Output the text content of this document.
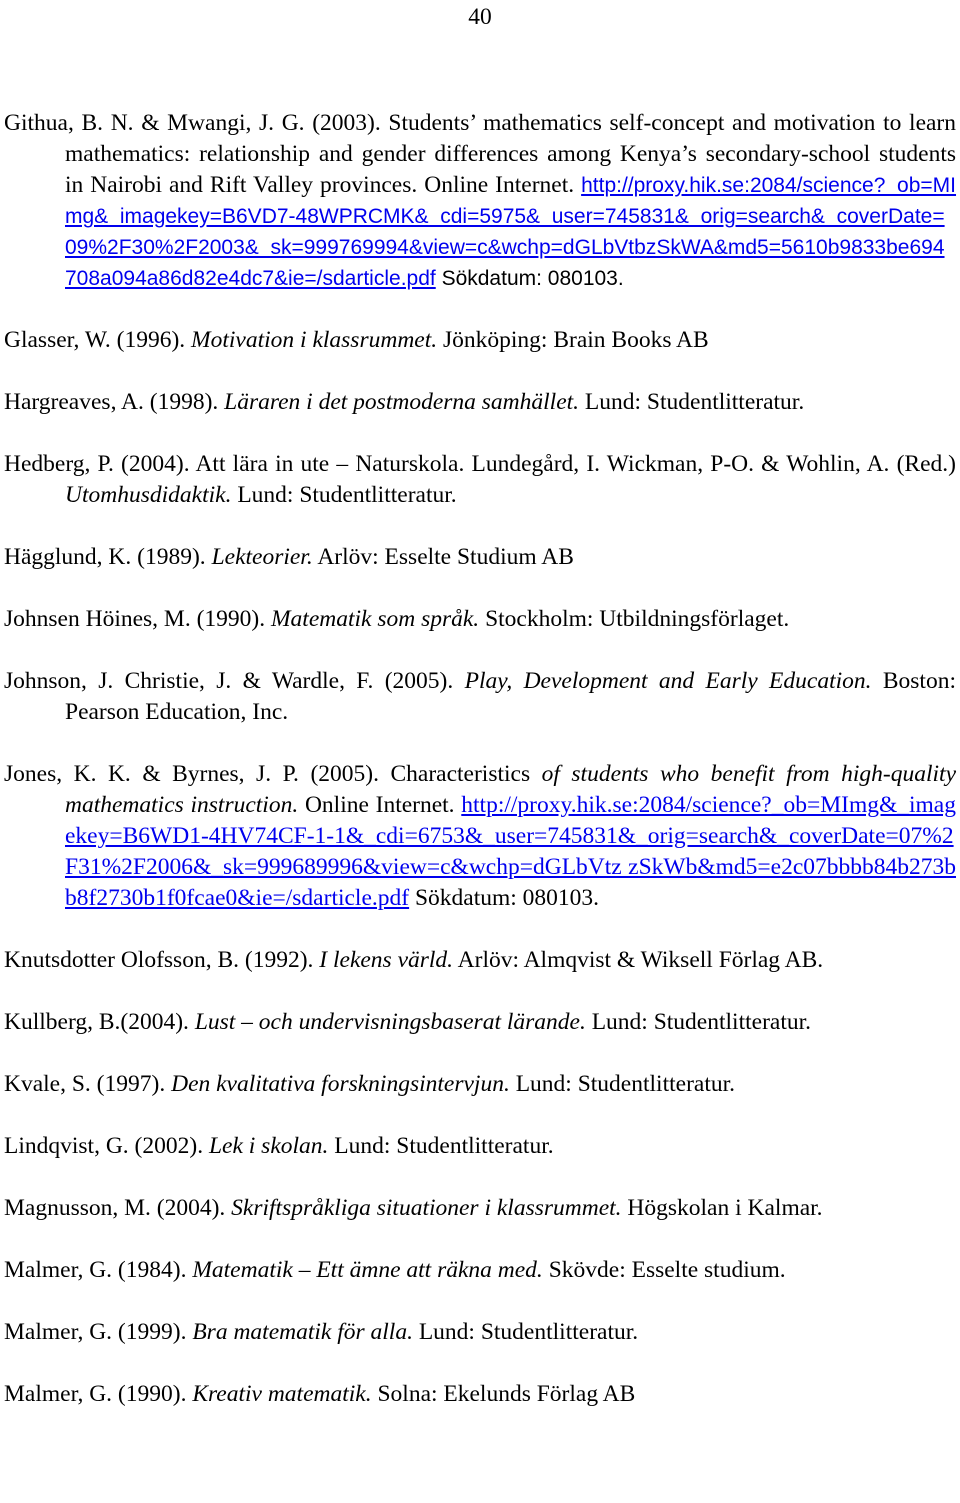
40
Githua, B. N. & Mwangi, J. G. (2003). Students’ mathematics self-concept and motivation to learn mathematics: relationship and gender differences among Kenya’s secondary-school students in Nairobi and Rift Valley provinces. Online Internet. http://proxy.hik.se:2084/science?_ob=MImg&_imagekey=B6VD7-48WPRCMK&_cdi=5975&_user=745831&_orig=search&_coverDate=09%2F30%2F2003&_sk=999769994&view=c&wchp=dGLbVtbzSkWA&md5=5610b9833be694708a094a86d82e4dc7&ie=/sdarticle.pdf Sökdatum: 080103.
Glasser, W. (1996). Motivation i klassrummet. Jönköping: Brain Books AB
Hargreaves, A. (1998). Läraren i det postmoderna samhället. Lund: Studentlitteratur.
Hedberg, P. (2004). Att lära in ute – Naturskola. Lundegård, I. Wickman, P-O. & Wohlin, A. (Red.) Utomhusdidaktik. Lund: Studentlitteratur.
Hägglund, K. (1989). Lekteorier. Arlöv: Esselte Studium AB
Johnsen Höines, M. (1990). Matematik som språk. Stockholm: Utbildningsförlaget.
Johnson, J. Christie, J. & Wardle, F. (2005). Play, Development and Early Education. Boston: Pearson Education, Inc.
Jones, K. K. & Byrnes, J. P. (2005). Characteristics of students who benefit from high-quality mathematics instruction. Online Internet. http://proxy.hik.se:2084/science?_ob=MImg&_imagekey=B6WD1-4HV74CF-1-1&_cdi=6753&_user=745831&_orig=search&_coverDate=07%2F31%2F2006&_sk=999689996&view=c&wchp=dGLbVtz zSkWb&md5=e2c07bbbb84b273bb8f2730b1f0fcae0&ie=/sdarticle.pdf Sökdatum: 080103.
Knutsdotter Olofsson, B. (1992). I lekens värld. Arlöv: Almqvist & Wiksell Förlag AB.
Kullberg, B.(2004). Lust – och undervisningsbaserat lärande. Lund: Studentlitteratur.
Kvale, S. (1997). Den kvalitativa forskningsintervjun. Lund: Studentlitteratur.
Lindqvist, G. (2002). Lek i skolan. Lund: Studentlitteratur.
Magnusson, M. (2004). Skriftspråkliga situationer i klassrummet. Högskolan i Kalmar.
Malmer, G. (1984). Matematik – Ett ämne att räkna med. Skövde: Esselte studium.
Malmer, G. (1999). Bra matematik för alla. Lund: Studentlitteratur.
Malmer, G. (1990). Kreativ matematik. Solna: Ekelunds Förlag AB
